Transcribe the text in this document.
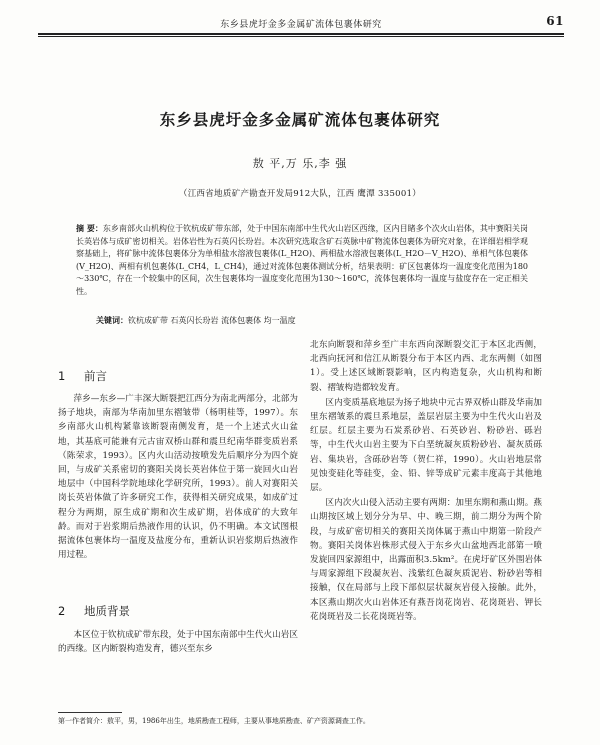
东乡县虎圩金多金属矿流体包裹体研究	61
东乡县虎圩金多金属矿流体包裹体研究
敖 平,万 乐,李 强
（江西省地质矿产勘查开发局912大队，江西 鹰潭 335001）
摘 要：东乡南部火山机构位于钦杭成矿带东部，处于中国东南部中生代火山岩区西缘，区内目睹多个次火山岩体，其中赛阳关岗长英岩体与成矿密切相关。岩体岩性为石英闪长玢岩。本次研究选取含矿石英脉中矿物流体包裹体为研究对象，在详细岩相学观察基础上，将矿脉中流体包裹体分为单相盐水溶液包裹体(L_H2O)、两相盐水溶液包裹体(L_H2O－V_H2O)、单相气体包裹体(V_H2O)、两相有机包裹体(L_CH4，L_CH4)，通过对流体包裹体测试分析，结果表明：矿区包裹体均一温度变化范围为180～330℃，存在一个较集中的区间，次生包裹体均一温度变化范围为130～160℃，流体包裹体均一温度与盐度存在一定正相关性。
关键词：钦杭成矿带 石英闪长玢岩 流体包裹体 均一温度
1 前言

萍乡—东乡—广丰深大断裂把江西分为南北两部分，北部为扬子地块，南部为华南加里东褶皱带（杨明桂等，1997）。东乡南部火山机构紧靠该断裂南侧发育，是一个上述式火山盆地，其基底可能兼有元古宙双桥山群和震旦纪南华群变质岩系（陈荣求，1993）。区内火山活动按喷发先后顺序分为四个旋回，与成矿关系密切的赛阳关岗长英岩体位于第一旋回火山岩地层中（中国科学院地球化学研究所，1993）。前人对赛阳关岗长英岩体做了许多研究工作，获得相关研究成果，如成矿过程分为两期，原生成矿期和次生成矿期，岩体成矿的大致年龄。而对于岩浆期后热液作用的认识，仍不明确。本文试图根据流体包裹体均一温度及盐度分布，重新认识岩浆期后热液作用过程。

2 地质背景

本区位于钦杭成矿带东段，处于中国东南部中生代火山岩区的西缘。区内断裂构造发育，德兴至东乡

北东向断裂和萍乡至广丰东西向深断裂交汇于本区北西侧，北西向抚河和信江从断裂分布于本区内西、北东两侧（如图1）。受上述区域断裂影响，区内构造复杂，火山机构和断裂、褶皱构造都较发育。

区内变质基底地层为扬子地块中元古界双桥山群及华南加里东褶皱系的震旦系地层，盖层岩层主要为中生代火山岩及红层。红层主要为石炭系砂岩、石英砂岩、粉砂岩、砾岩等，中生代火山岩主要为下白垩统凝灰质粉砂岩、凝灰质砾岩、集块岩，含砾砂岩等（贺仁祥，1990）。火山岩地层常见蚀变硅化等硅变，金、铅、锌等成矿元素丰度高于其他地层。

区内次火山侵入活动主要有两期：加里东期和燕山期。燕山期按区域上划分分为早、中、晚三期，前二期分为两个阶段，与成矿密切相关的赛阳关岗体属于燕山中期第一阶段产物。赛阳关岗体岩株形式侵入于东乡火山盆地西北部第一喷发旋回四家源组中，出露面积3.5km²。在虎圩矿区外围岩体与周家源组下段凝灰岩、浅紫红色凝灰质泥岩、粉砂岩等相接触，仅在局部与上段下部似层状凝灰岩侵入接触。此外，本区燕山期次火山岩体还有燕吾岗花岗岩、花岗斑岩、钾长花岗斑岩及二长花岗斑岩等。

第一作者简介：敖平，男，1986年出生，地质勘查工程师，主要从事地质勘查、矿产资源调查工作。
